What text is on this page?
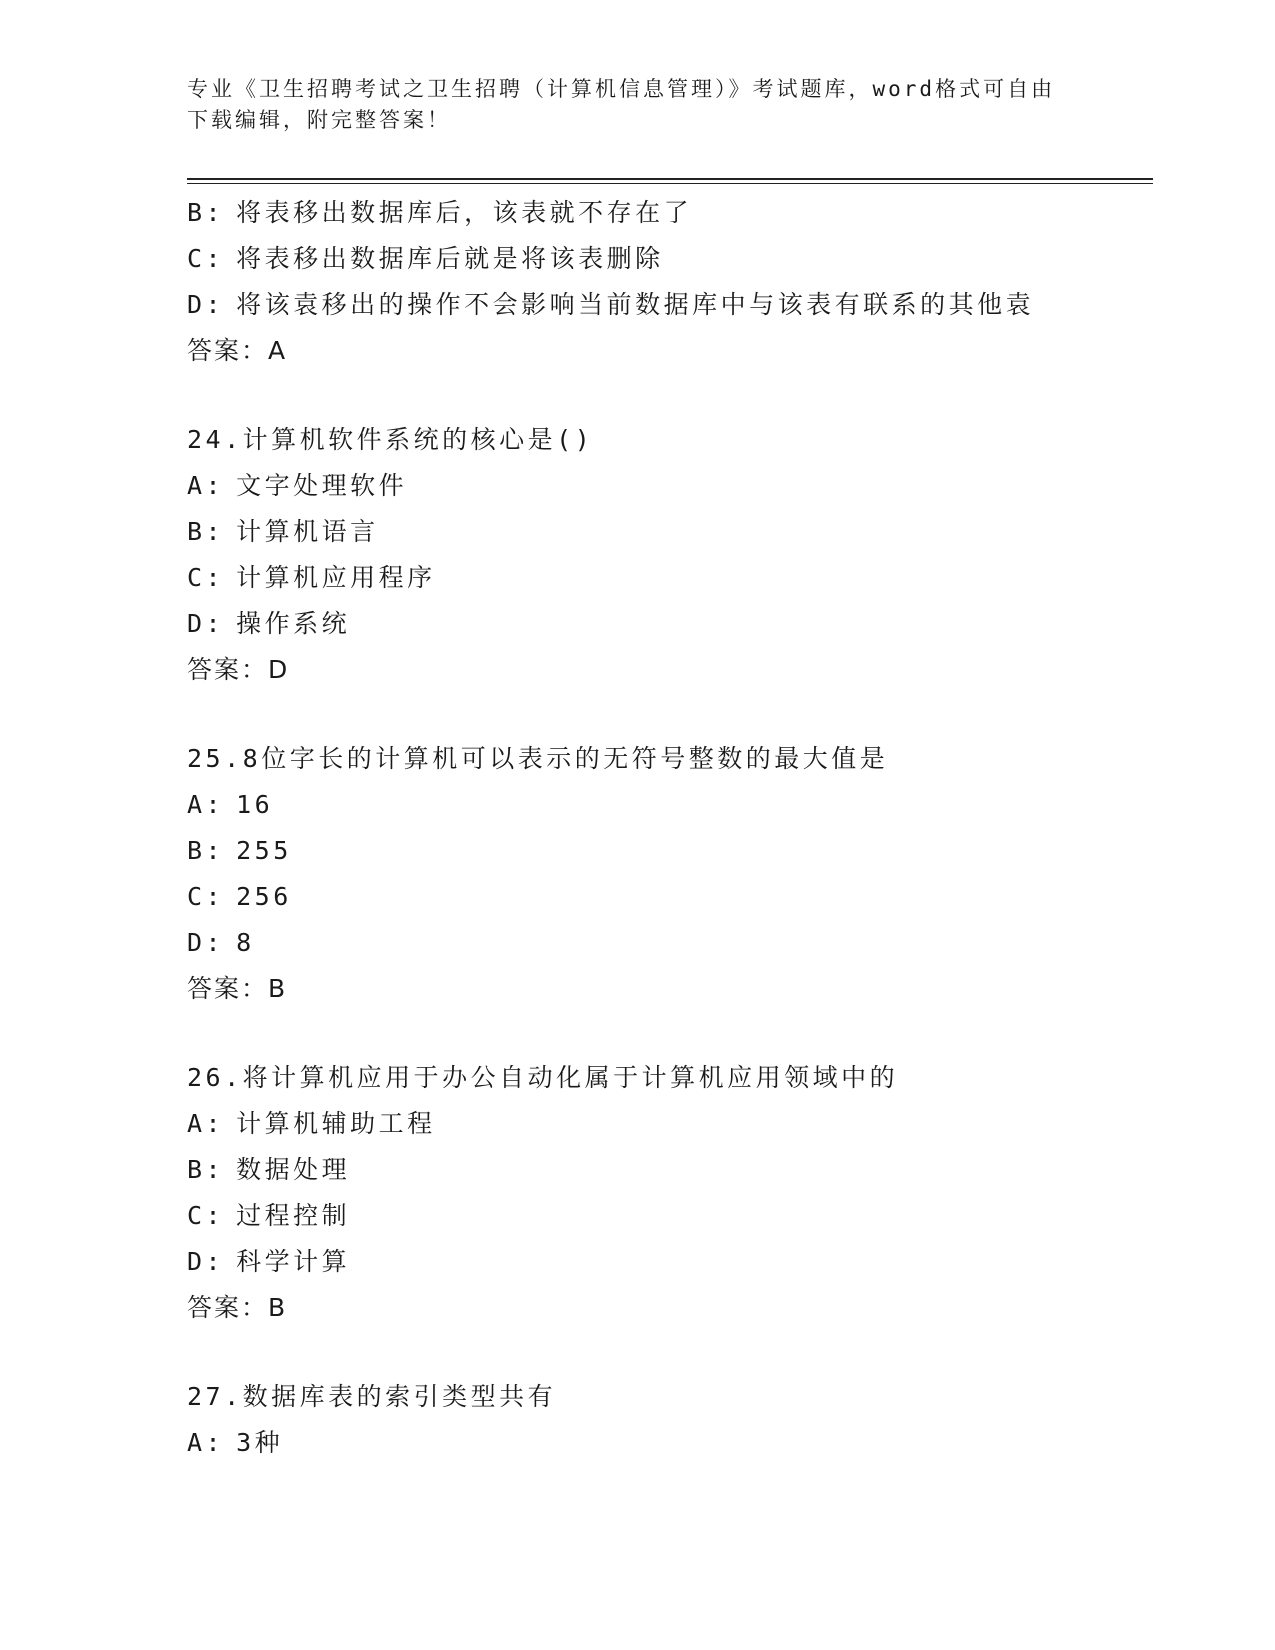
专业《卫生招聘考试之卫生招聘（计算机信息管理）》考试题库，word格式可自由下载编辑，附完整答案！
B: 将表移出数据库后，该表就不存在了
C: 将表移出数据库后就是将该表删除
D: 将该袁移出的操作不会影响当前数据库中与该表有联系的其他袁
答案：A
24.计算机软件系统的核心是()
A: 文字处理软件
B: 计算机语言
C: 计算机应用程序
D: 操作系统
答案：D
25.8位字长的计算机可以表示的无符号整数的最大值是
A: 16
B: 255
C: 256
D: 8
答案：B
26.将计算机应用于办公自动化属于计算机应用领域中的
A: 计算机辅助工程
B: 数据处理
C: 过程控制
D: 科学计算
答案：B
27.数据库表的索引类型共有
A: 3种
